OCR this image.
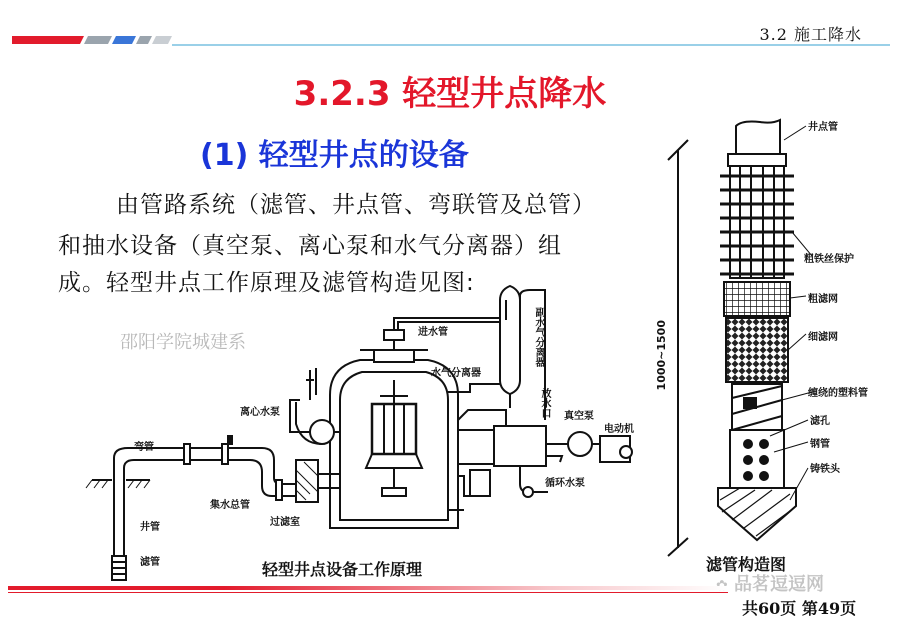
3.2 施工降水
3.2.3 轻型井点降水
(1) 轻型井点的设备
由管路系统（滤管、井点管、弯联管及总管）
和抽水设备（真空泵、离心泵和水气分离器）组
成。轻型井点工作原理及滤管构造见图:
邵阳学院城建系	进水管	副水气分离器
水气分离器
放水口
离心水泵	真空泵
电动机
弯管
集水总管
循环水泵
过滤室
井管
滤管	轻型井点设备工作原理
井点管
粗铁丝保护
粗滤网
细滤网
缠绕的塑料管
滤孔
钢管
铸铁头
1000~1500
滤管构造图
品茗逗逗网
共60页 第49页
